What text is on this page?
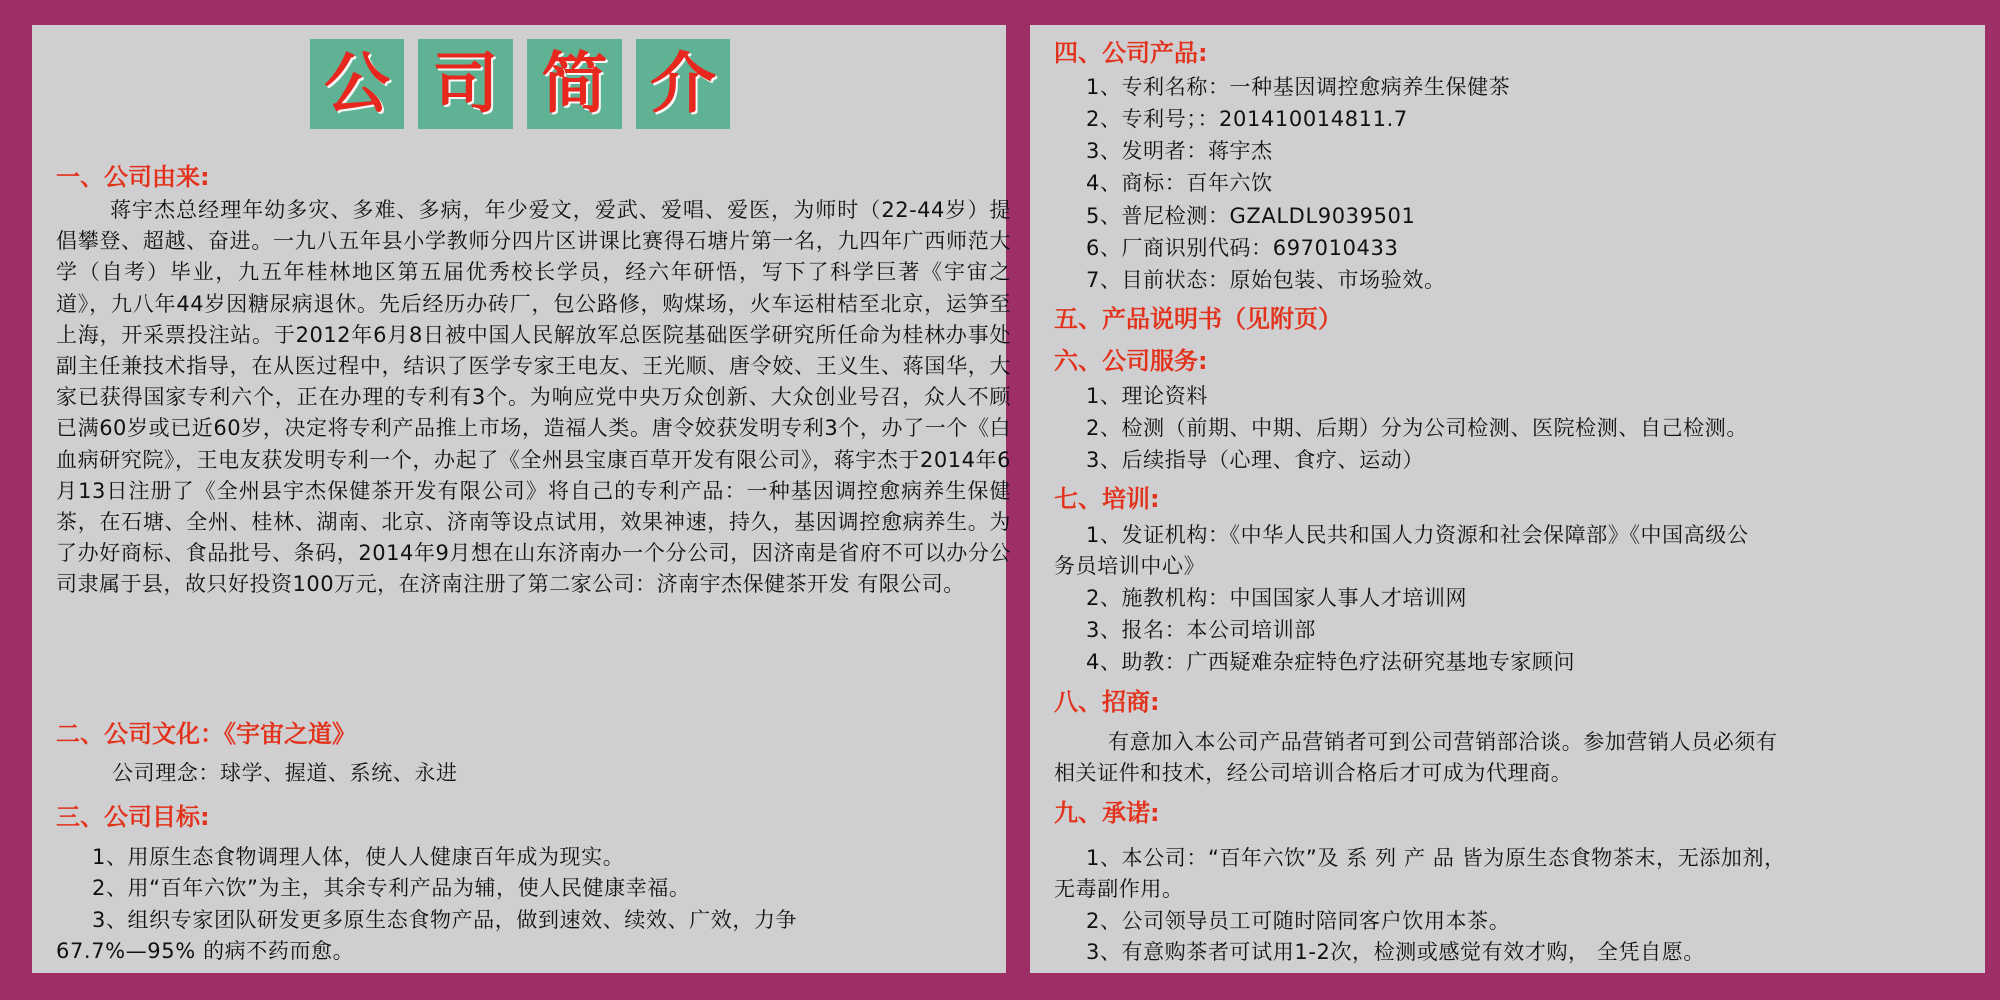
公 司 简 介
一、公司由来:
蒋宇杰总经理年幼多灾、多难、多病，年少爱文，爱武、爱唱、爱医，为师时（22-44岁）提倡攀登、超越、奋进。一九八五年县小学教师分四片区讲课比赛得石塘片第一名，九四年广西师范大学（自考）毕业，九五年桂林地区第五届优秀校长学员，经六年研悟，写下了科学巨著《宇宙之道》，九八年44岁因糖尿病退休。先后经历办砖厂，包公路修，购煤场，火车运柑桔至北京，运笋至上海，开采票投注站。于2012年6月8日被中国人民解放军总医院基础医学研究所任命为桂林办事处副主任兼技术指导，在从医过程中，结识了医学专家王电友、王光顺、唐令姣、王义生、蒋国华，大家已获得国家专利六个，正在办理的专利有3个。为响应党中央万众创新、大众创业号召，众人不顾已满60岁或已近60岁，决定将专利产品推上市场，造福人类。唐令姣获发明专利3个，办了一个《白血病研究院》，王电友获发明专利一个，办起了《全州县宝康百草开发有限公司》，蒋宇杰于2014年6月13日注册了《全州县宇杰保健茶开发有限公司》将自己的专利产品：一种基因调控愈病养生保健茶，在石塘、全州、桂林、湖南、北京、济南等设点试用，效果神速，持久，基因调控愈病养生。为了办好商标、食品批号、条码，2014年9月想在山东济南办一个分公司，因济南是省府不可以办分公司隶属于县，故只好投资100万元，在济南注册了第二家公司：济南宇杰保健茶开发 有限公司。
二、公司文化：《宇宙之道》
公司理念：球学、握道、系统、永进
三、公司目标:
1、用原生态食物调理人体，使人人健康百年成为现实。
2、用“百年六饮”为主，其余专利产品为辅，使人民健康幸福。
3、组织专家团队研发更多原生态食物产品，做到速效、续效、广效，力争
67.7%—95% 的病不药而愈。
四、公司产品:
1、专利名称：一种基因调控愈病养生保健茶
2、专利号；：201410014811.7
3、发明者：蒋宇杰
4、商标：百年六饮
5、普尼检测：GZALDL9039501
6、厂商识别代码：697010433
7、目前状态：原始包装、市场验效。
五、产品说明书（见附页）
六、公司服务:
1、理论资料
2、检测（前期、中期、后期）分为公司检测、医院检测、自己检测。
3、后续指导（心理、食疗、运动）
七、培训:
1、发证机构：《中华人民共和国人力资源和社会保障部》《中国高级公
务员培训中心》
2、施教机构：中国国家人事人才培训网
3、报名：本公司培训部
4、助教：广西疑难杂症特色疗法研究基地专家顾问
八、招商:
有意加入本公司产品营销者可到公司营销部洽谈。参加营销人员必须有
相关证件和技术，经公司培训合格后才可成为代理商。
九、承诺:
1、本公司：“百年六饮”及 系 列 产 品 皆为原生态食物茶末，无添加剂，
无毒副作用。
2、公司领导员工可随时陪同客户饮用本茶。
3、有意购茶者可试用1-2次，检测或感觉有效才购， 全凭自愿。
